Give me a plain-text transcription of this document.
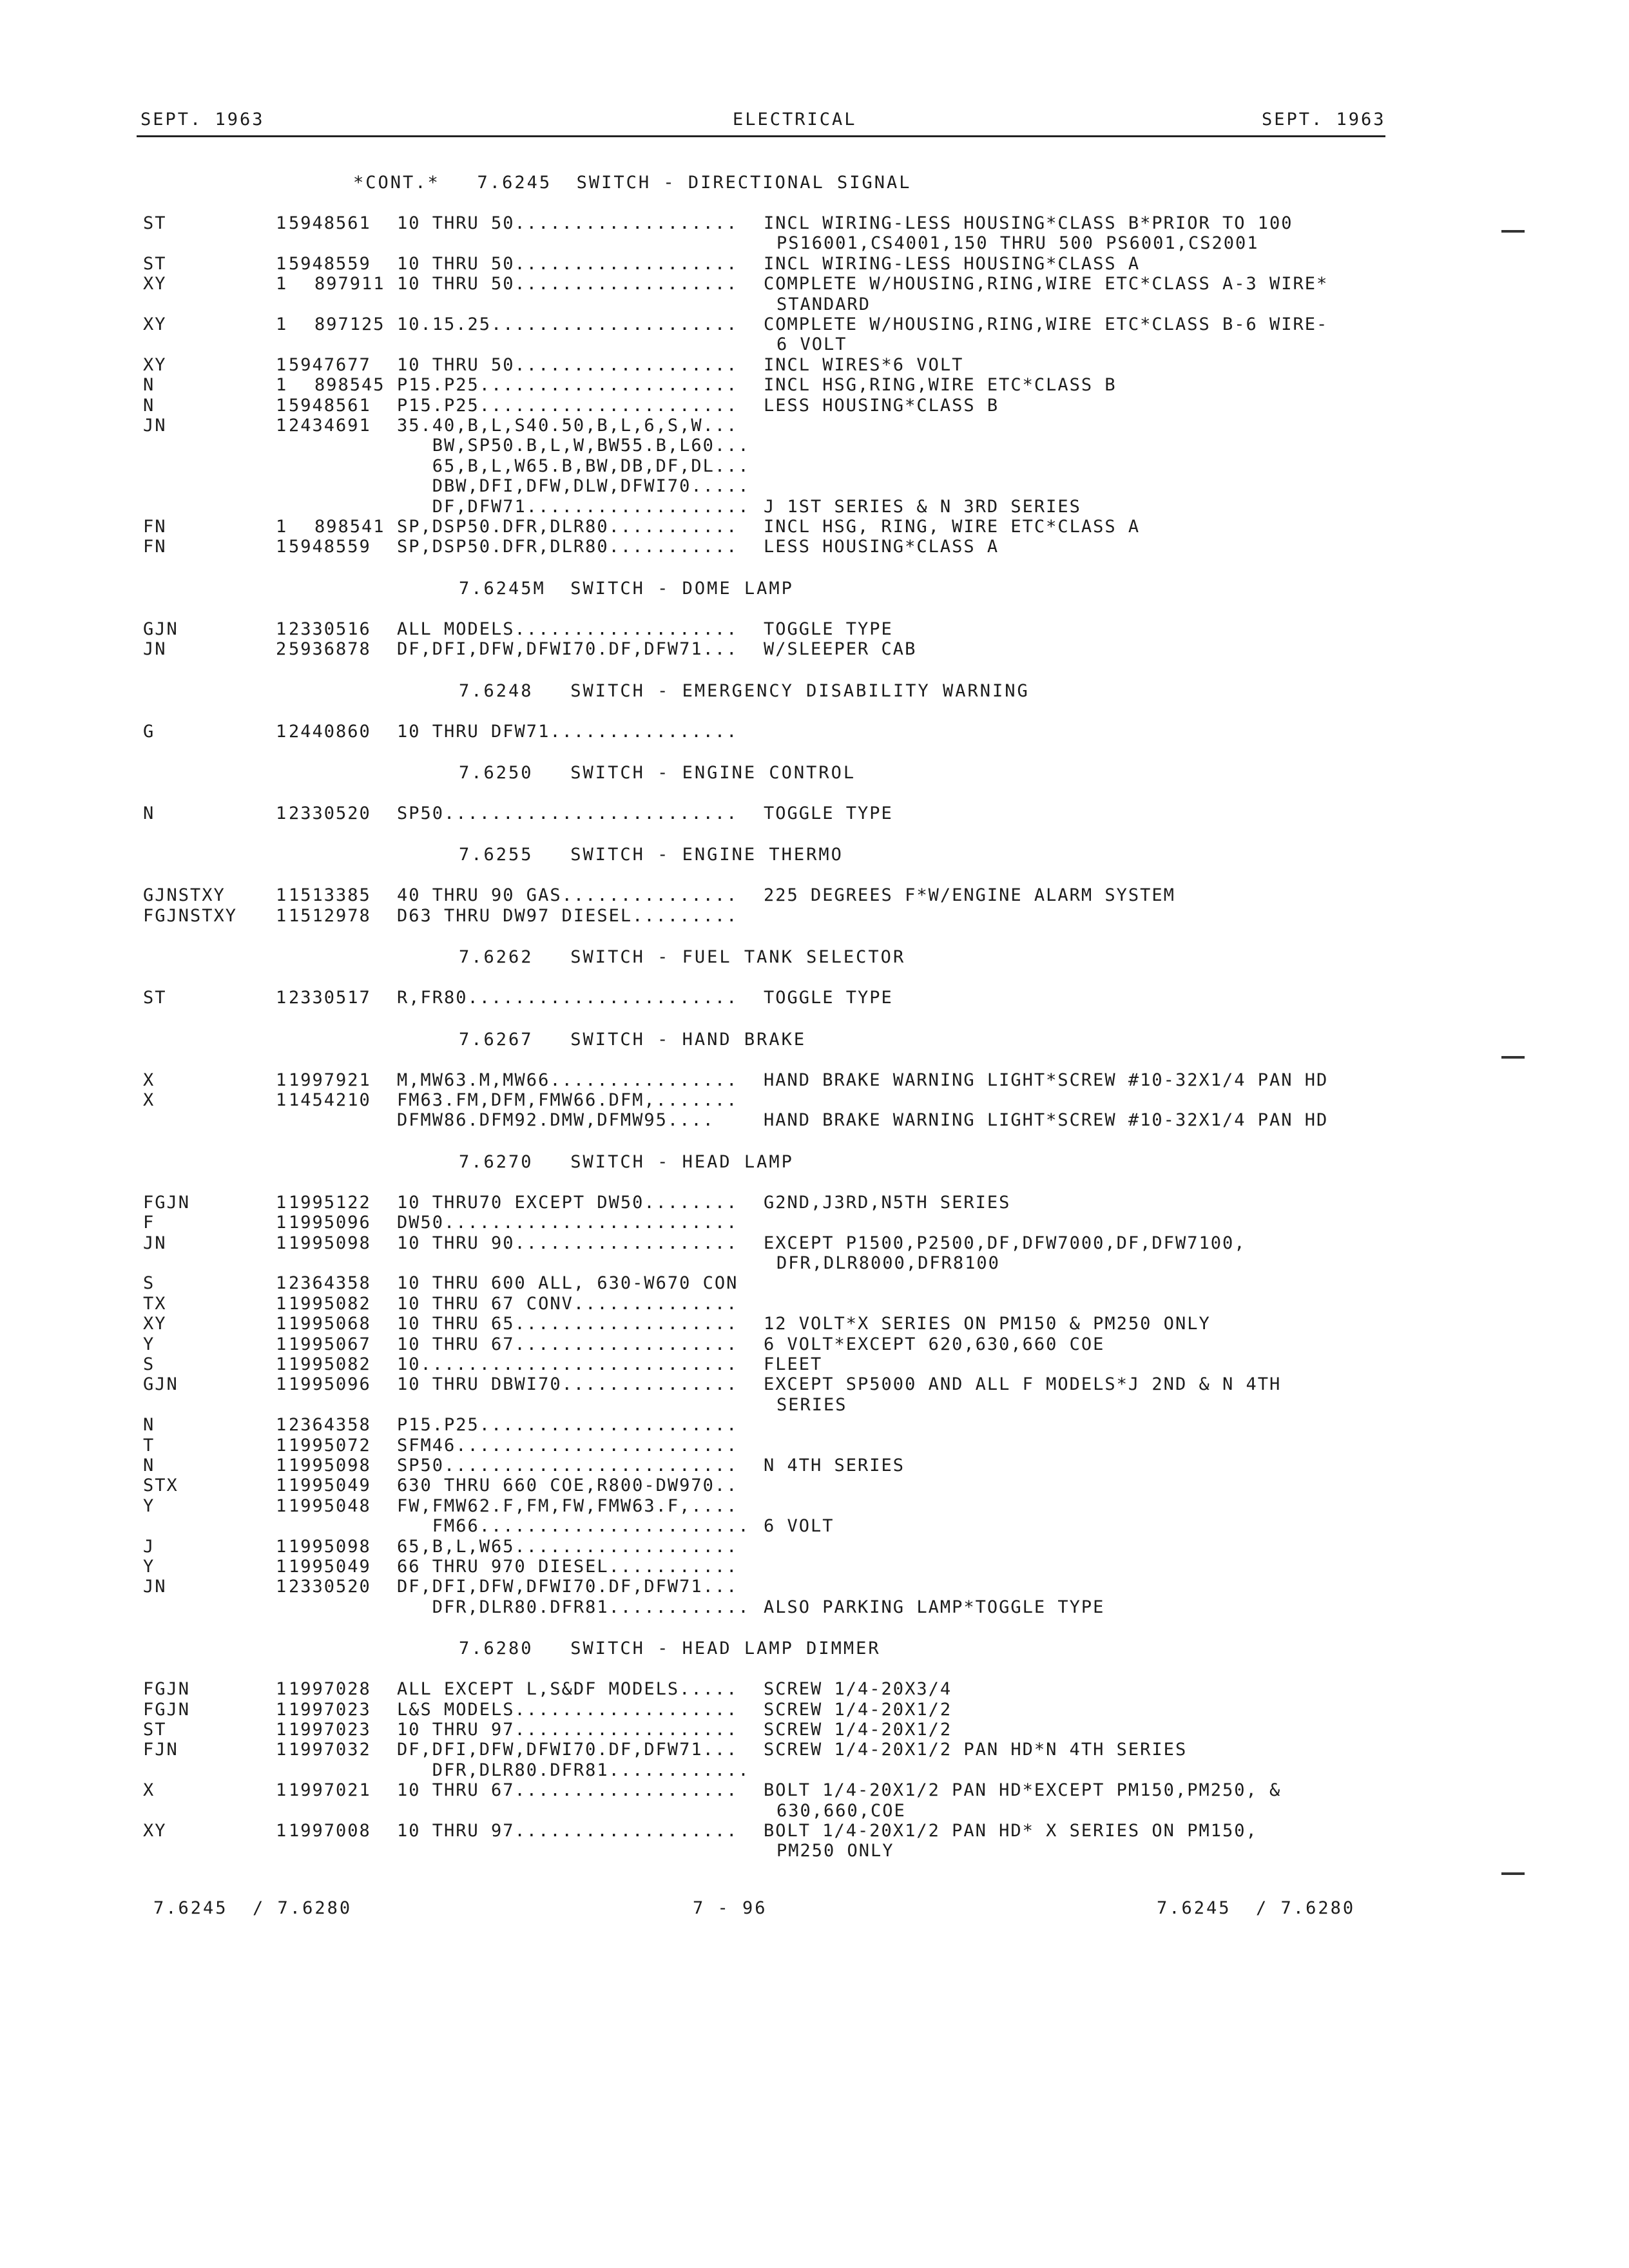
SEPT. 1963	ELECTRICAL	SEPT. 1963
*CONT.*   7.6245  SWITCH - DIRECTIONAL SIGNAL
ST	1 5948561 10 THRU 50................... INCL WIRING-LESS HOUSING*CLASS B*PRIOR TO 100
PS16001,CS4001,150 THRU 500 PS6001,CS2001
ST	1 5948559 10 THRU 50................... INCL WIRING-LESS HOUSING*CLASS A
XY	1 897911 10 THRU 50................... COMPLETE W/HOUSING,RING,WIRE ETC*CLASS A-3 WIRE*
STANDARD
XY	1 897125 10.15.25..................... COMPLETE W/HOUSING,RING,WIRE ETC*CLASS B-6 WIRE-
6 VOLT
XY	1 5947677 10 THRU 50................... INCL WIRES*6 VOLT
N	1 898545 P15.P25...................... INCL HSG,RING,WIRE ETC*CLASS B
N	1 5948561 P15.P25...................... LESS HOUSING*CLASS B
JN	1 2434691 35.40,B,L,S40.50,B,L,6,S,W...
BW,SP50.B,L,W,BW55.B,L60...
65,B,L,W65.B,BW,DB,DF,DL...
DBW,DFI,DFW,DLW,DFWI70.....
DF,DFW71................... J 1ST SERIES & N 3RD SERIES
FN	1 898541 SP,DSP50.DFR,DLR80........... INCL HSG, RING, WIRE ETC*CLASS A
FN	1 5948559 SP,DSP50.DFR,DLR80........... LESS HOUSING*CLASS A
7.6245M  SWITCH - DOME LAMP
GJN	1 2330516 ALL MODELS................... TOGGLE TYPE
JN	2 5936878 DF,DFI,DFW,DFWI70.DF,DFW71... W/SLEEPER CAB
7.6248   SWITCH - EMERGENCY DISABILITY WARNING
G	1 2440860 10 THRU DFW71................
7.6250   SWITCH - ENGINE CONTROL
N	1 2330520 SP50......................... TOGGLE TYPE
7.6255   SWITCH - ENGINE THERMO
GJNSTXY	1 1513385 40 THRU 90 GAS............... 225 DEGREES F*W/ENGINE ALARM SYSTEM
FGJNSTXY 1 1512978 D63 THRU DW97 DIESEL.........
7.6262   SWITCH - FUEL TANK SELECTOR
ST	1 2330517 R,FR80....................... TOGGLE TYPE
7.6267   SWITCH - HAND BRAKE
X	1 1997921 M,MW63.M,MW66................ HAND BRAKE WARNING LIGHT*SCREW #10-32X1/4 PAN HD
X	1 1454210 FM63.FM,DFM,FMW66.DFM,.......
DFMW86.DFM92.DMW,DFMW95....	HAND BRAKE WARNING LIGHT*SCREW #10-32X1/4 PAN HD
7.6270   SWITCH - HEAD LAMP
FGJN	1 1995122 10 THRU70 EXCEPT DW50........ G2ND,J3RD,N5TH SERIES
F	1 1995096 DW50.........................
JN	1 1995098 10 THRU 90................... EXCEPT P1500,P2500,DF,DFW7000,DF,DFW7100,
DFR,DLR8000,DFR8100
S	1 2364358 10 THRU 600 ALL, 630-W670 CON
TX	1 1995082 10 THRU 67 CONV..............
XY	1 1995068 10 THRU 65................... 12 VOLT*X SERIES ON PM150 & PM250 ONLY
Y	1 1995067 10 THRU 67................... 6 VOLT*EXCEPT 620,630,660 COE
S	1 1995082 10........................... FLEET
GJN	1 1995096 10 THRU DBWI70............... EXCEPT SP5000 AND ALL F MODELS*J 2ND & N 4TH
SERIES
N	1 2364358 P15.P25......................
T	1 1995072 SFM46........................
N	1 1995098 SP50......................... N 4TH SERIES
STX	1 1995049 630 THRU 660 COE,R800-DW970..
Y	1 1995048 FW,FMW62.F,FM,FW,FMW63.F,....
FM66....................... 6 VOLT
J	1 1995098 65,B,L,W65...................
Y	1 1995049 66 THRU 970 DIESEL...........
JN	1 2330520 DF,DFI,DFW,DFWI70.DF,DFW71...
DFR,DLR80.DFR81............ ALSO PARKING LAMP*TOGGLE TYPE
7.6280   SWITCH - HEAD LAMP DIMMER
FGJN	1 1997028 ALL EXCEPT L,S&DF MODELS..... SCREW 1/4-20X3/4
FGJN	1 1997023 L&S MODELS................... SCREW 1/4-20X1/2
ST	1 1997023 10 THRU 97................... SCREW 1/4-20X1/2
FJN	1 1997032 DF,DFI,DFW,DFWI70.DF,DFW71... SCREW 1/4-20X1/2 PAN HD*N 4TH SERIES
DFR,DLR80.DFR81............
X	1 1997021 10 THRU 67................... BOLT 1/4-20X1/2 PAN HD*EXCEPT PM150,PM250, &
630,660,COE
XY	1 1997008 10 THRU 97................... BOLT 1/4-20X1/2 PAN HD* X SERIES ON PM150,
PM250 ONLY
7.6245  / 7.6280	7 - 96	7.6245  / 7.6280
